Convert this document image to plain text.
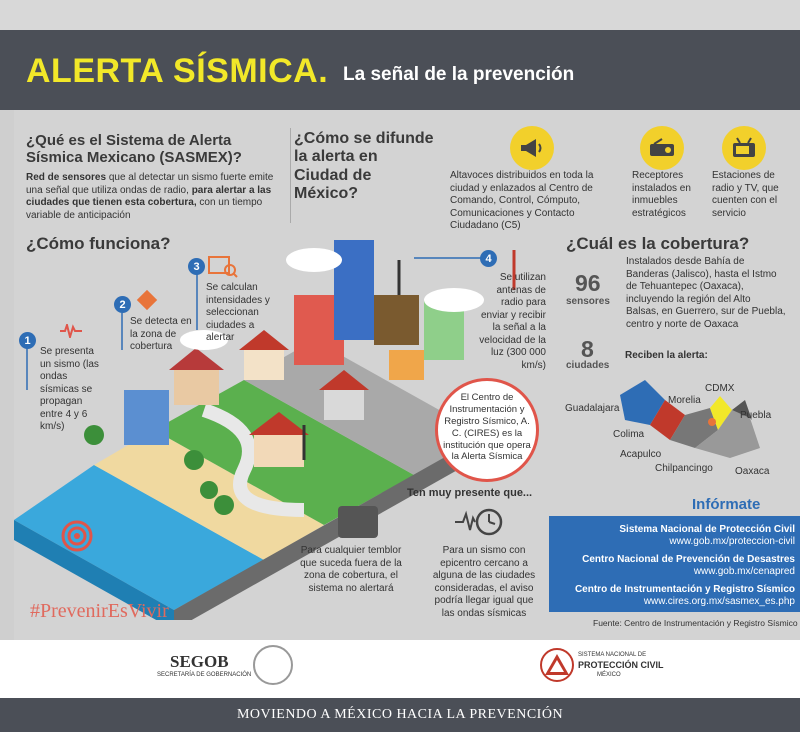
ALERTA SÍSMICA. La señal de la prevención
¿Qué es el Sistema de Alerta Sísmica Mexicano (SASMEX)?
Red de sensores que al detectar un sismo fuerte emite una señal que utiliza ondas de radio, para alertar a las ciudades que tienen esta cobertura, con un tiempo variable de anticipación
¿Cómo se difunde la alerta en Ciudad de México?
Altavoces distribuidos en toda la ciudad y enlazados al Centro de Comando, Control, Cómputo, Comunicaciones y Contacto Ciudadano (C5)
Receptores instalados en inmuebles estratégicos
Estaciones de radio y TV, que cuenten con el servicio
¿Cómo funciona?
1
Se presenta un sismo (las ondas sísmicas se propagan entre 4 y 6 km/s)
2
Se detecta en la zona de cobertura
3
Se calculan intensidades y seleccionan ciudades a alertar
4
Se utilizan antenas de radio para enviar y recibir la señal a la velocidad de la luz (300 000 km/s)
El Centro de Instrumentación y Registro Sísmico, A. C. (CIRES) es la institución que opera la Alerta Sísmica
¿Cuál es la cobertura?
96
sensores
Instalados desde Bahía de Banderas (Jalisco), hasta el Istmo de Tehuantepec (Oaxaca), incluyendo la región del Alto Balsas, en Guerrero, sur de Puebla, centro y norte de Oaxaca
8
ciudades
Reciben la alerta:
CDMX
Morelia
Guadalajara
Puebla
Colima
Acapulco
Chilpancingo Oaxaca
Ten muy presente que...
Para cualquier temblor que suceda fuera de la zona de cobertura, el sistema no alertará
Para un sismo con epicentro cercano a alguna de las ciudades consideradas, el aviso podría llegar igual que las ondas sísmicas
Infórmate
Sistema Nacional de Protección Civil
www.gob.mx/proteccion-civil
Centro Nacional de Prevención de Desastres
www.gob.mx/cenapred
Centro de Instrumentación y Registro Sísmico
www.cires.org.mx/sasmex_es.php
Fuente: Centro de Instrumentación y Registro Sísmico
#PrevenirEsVivir
SEGOB
SECRETARÍA DE GOBERNACIÓN
SISTEMA NACIONAL DE
PROTECCIÓN CIVIL
MÉXICO
MOVIENDO A MÉXICO HACIA LA PREVENCIÓN
